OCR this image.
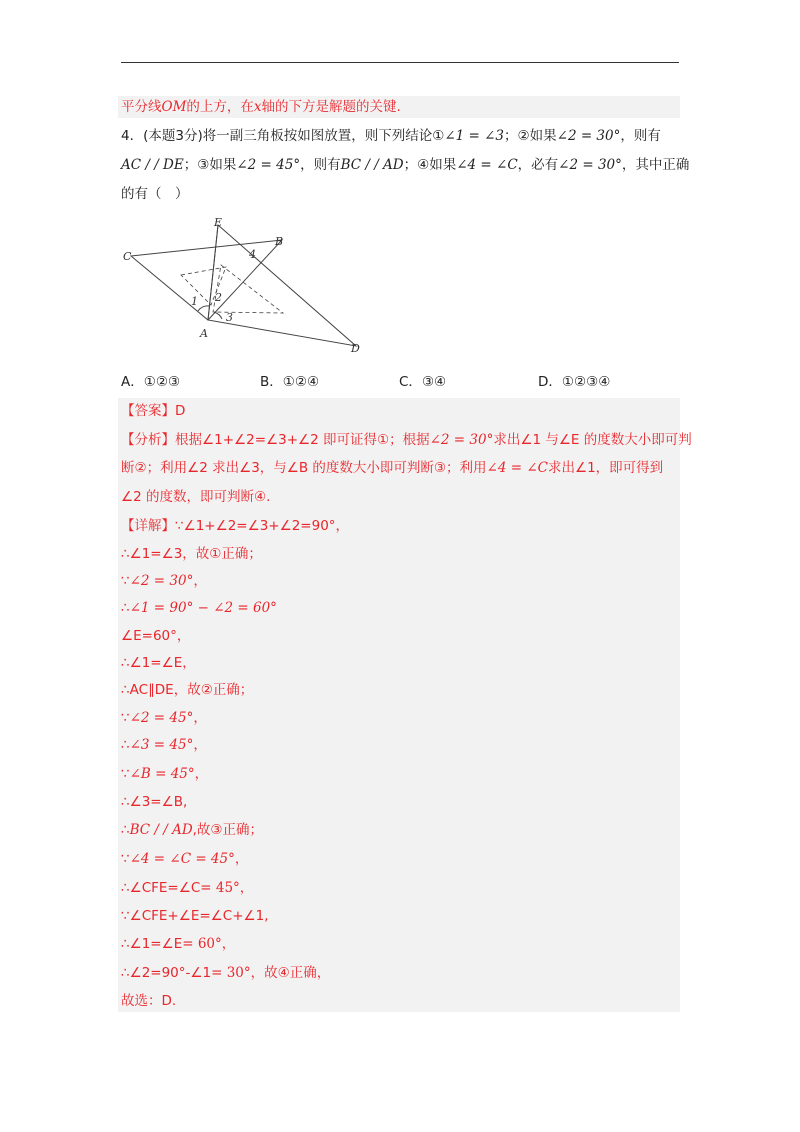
平分线OM的上方，在x轴的下方是解题的关键.
4．(本题3分)将一副三角板按如图放置，则下列结论①∠1 = ∠3；②如果∠2 = 30°，则有
AC / / DE；③如果∠2 = 45°，则有BC / / AD；④如果∠4 = ∠C，必有∠2 = 30°，其中正确
的有（　）
E
B
C
A
D
1 2
3
4
A．①②③	B．①②④	C．③④	D．①②③④
【答案】D
【分析】根据∠1+∠2=∠3+∠2 即可证得①；根据∠2 = 30°求出∠1 与∠E 的度数大小即可判
断②；利用∠2 求出∠3，与∠B 的度数大小即可判断③；利用∠4 = ∠C求出∠1，即可得到
∠2 的度数，即可判断④.
【详解】∵∠1+∠2=∠3+∠2=90°，
∴∠1=∠3，故①正确；
∵∠2 = 30°，
∴∠1 = 90° − ∠2 = 60°
∠E=60°，
∴∠1=∠E，
∴AC∥DE，故②正确；
∵∠2 = 45°，
∴∠3 = 45°，
∵∠B = 45°，
∴∠3=∠B,
∴BC / / AD,故③正确；
∵∠4 = ∠C = 45°，
∴∠CFE=∠C= 45°，
∵∠CFE+∠E=∠C+∠1,
∴∠1=∠E= 60°，
∴∠2=90°-∠1= 30°，故④正确，
故选：D.
